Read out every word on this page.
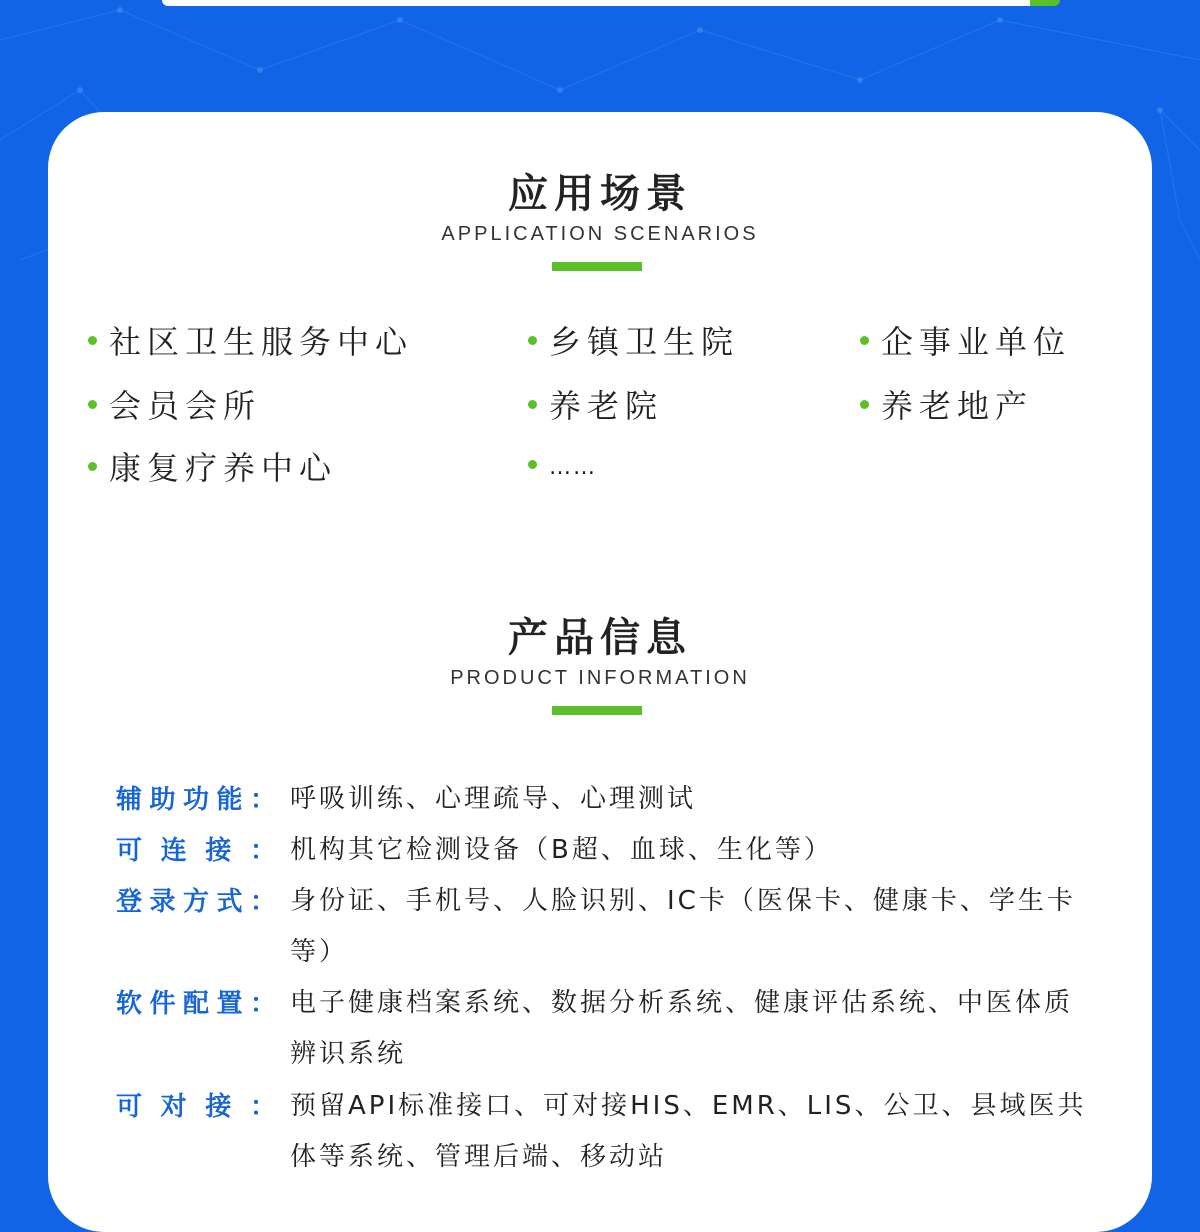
应用场景
APPLICATION SCENARIOS
社区卫生服务中心	乡镇卫生院	企事业单位
会员会所	养老院	养老地产
康复疗养中心	……
产品信息
PRODUCT INFORMATION
辅 助 功 能 ： 呼吸训练、心理疏导、心理测试
可 连 接 ： 机构其它检测设备（B超、血球、生化等）
登 录 方 式 ： 身份证、手机号、人脸识别、IC卡（医保卡、健康卡、学生卡等）
软 件 配 置 ： 电子健康档案系统、数据分析系统、健康评估系统、中医体质辨识系统
可 对 接 ： 预留API标准接口、可对接HIS、EMR、LIS、公卫、县域医共体等系统、管理后端、移动站
